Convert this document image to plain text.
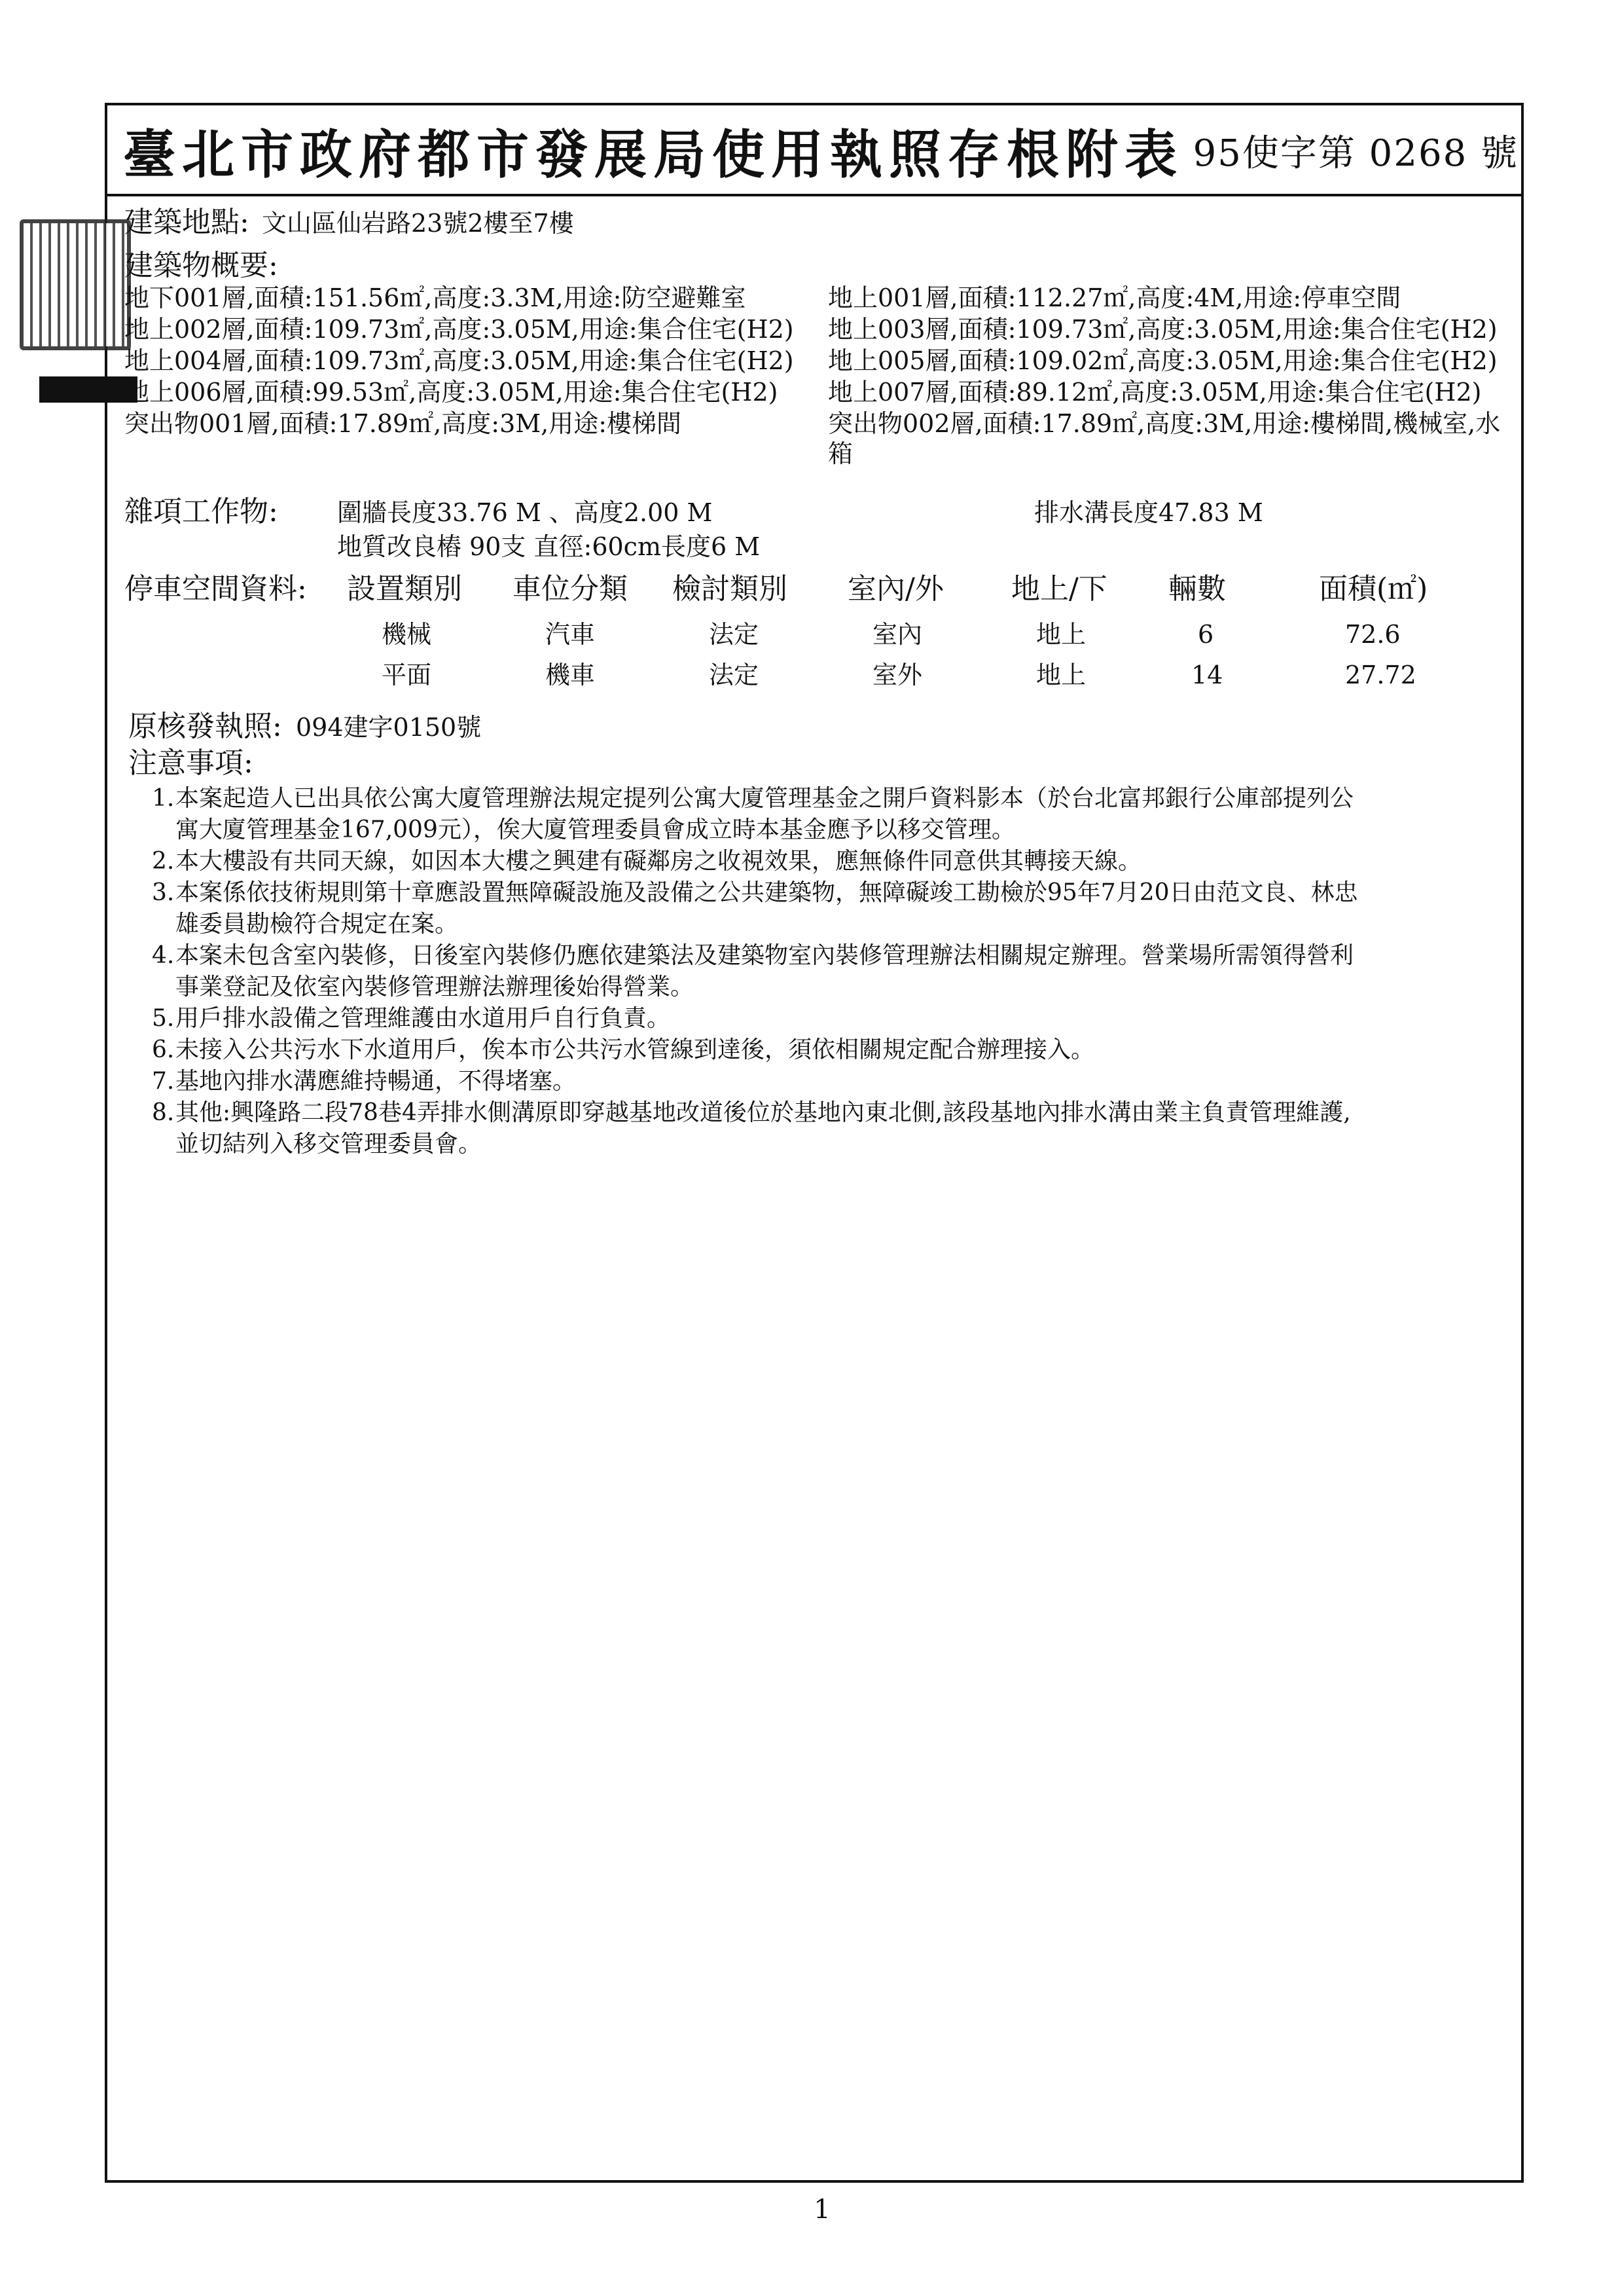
臺北市政府都市發展局使用執照存根附表 95使字第 0268 號
建築地點: 文山區仙岩路23號2樓至7樓
建築物概要:
地下001層,面積:151.56㎡,高度:3.3M,用途:防空避難室
地上002層,面積:109.73㎡,高度:3.05M,用途:集合住宅(H2)
地上004層,面積:109.73㎡,高度:3.05M,用途:集合住宅(H2)
地上006層,面積:99.53㎡,高度:3.05M,用途:集合住宅(H2)
突出物001層,面積:17.89㎡,高度:3M,用途:樓梯間
地上001層,面積:112.27㎡,高度:4M,用途:停車空間
地上003層,面積:109.73㎡,高度:3.05M,用途:集合住宅(H2)
地上005層,面積:109.02㎡,高度:3.05M,用途:集合住宅(H2)
地上007層,面積:89.12㎡,高度:3.05M,用途:集合住宅(H2)
突出物002層,面積:17.89㎡,高度:3M,用途:樓梯間,機械室,水
箱
雜項工作物: 圍牆長度33.76 M 、高度2.00 M
地質改良樁 90支 直徑:60cm長度6 M
排水溝長度47.83 M
停車空間資料: 設置類別 車位分類 檢討類別 室內/外 地上/下 輛數	面積(㎡)
機械	汽車	法定	室內	地上	6	72.6
平面	機車	法定	室外	地上	14	27.72
原核發執照: 094建字0150號
注意事項:
1. 本案起造人已出具依公寓大廈管理辦法規定提列公寓大廈管理基金之開戶資料影本（於台北富邦銀行公庫部提列公
寓大廈管理基金167,009元），俟大廈管理委員會成立時本基金應予以移交管理。
2. 本大樓設有共同天線，如因本大樓之興建有礙鄰房之收視效果，應無條件同意供其轉接天線。
3. 本案係依技術規則第十章應設置無障礙設施及設備之公共建築物，無障礙竣工勘檢於95年7月20日由范文良、林忠
雄委員勘檢符合規定在案。
4. 本案未包含室內裝修，日後室內裝修仍應依建築法及建築物室內裝修管理辦法相關規定辦理。營業場所需領得營利
事業登記及依室內裝修管理辦法辦理後始得營業。
5. 用戶排水設備之管理維護由水道用戶自行負責。
6. 未接入公共污水下水道用戶，俟本市公共污水管線到達後，須依相關規定配合辦理接入。
7. 基地內排水溝應維持暢通，不得堵塞。
8. 其他:興隆路二段78巷4弄排水側溝原即穿越基地改道後位於基地內東北側,該段基地內排水溝由業主負責管理維護,
並切結列入移交管理委員會。
1
